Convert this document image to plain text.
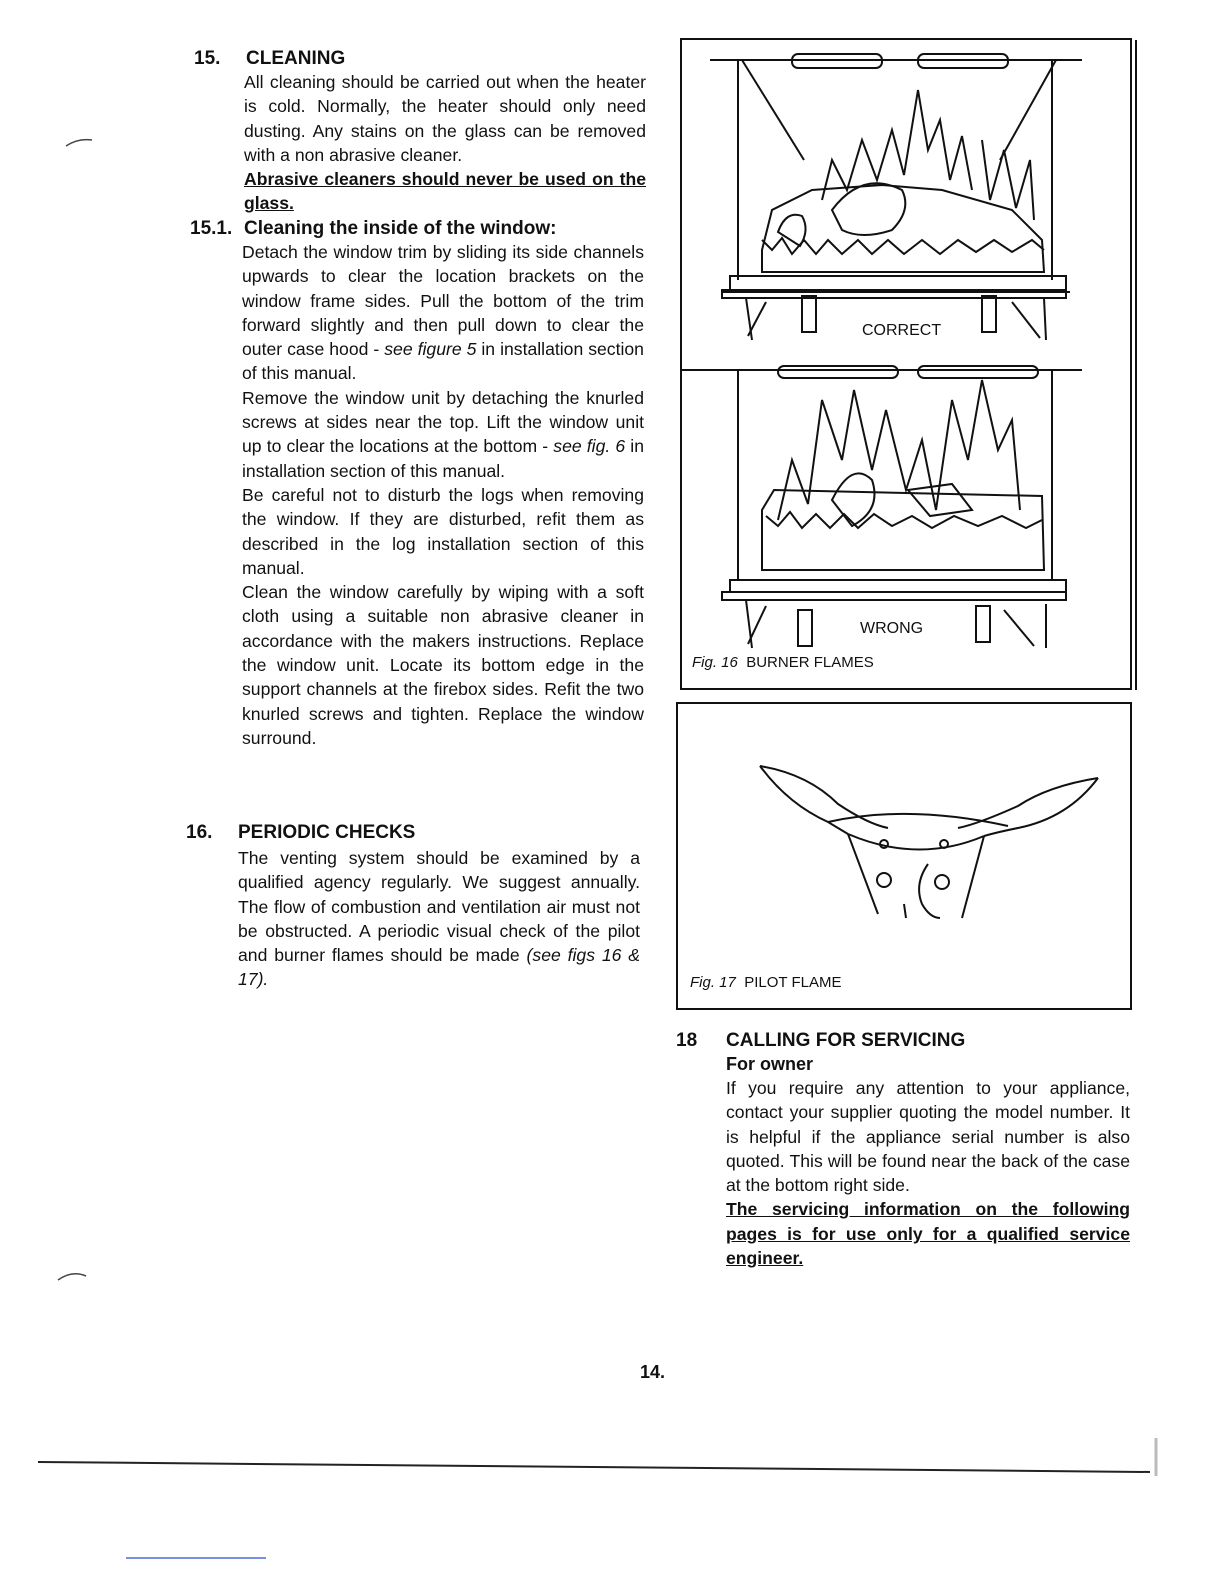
15. CLEANING

All cleaning should be carried out when the heater is cold. Normally, the heater should only need dusting. Any stains on the glass can be removed with a non abrasive cleaner.

Abrasive cleaners should never be used on the glass.

15.1. Cleaning the inside of the window:

Detach the window trim by sliding its side channels upwards to clear the location brackets on the window frame sides. Pull the bottom of the trim forward slightly and then pull down to clear the outer case hood - see figure 5 in installation section of this manual.

Remove the window unit by detaching the knurled screws at sides near the top. Lift the window unit up to clear the locations at the bottom - see fig. 6 in installation section of this manual.

Be careful not to disturb the logs when removing the window. If they are disturbed, refit them as described in the log installation section of this manual.

Clean the window carefully by wiping with a soft cloth using a suitable non abrasive cleaner in accordance with the makers instructions. Replace the window unit. Locate its bottom edge in the support channels at the firebox sides. Refit the two knurled screws and tighten. Replace the window surround.

16. PERIODIC CHECKS

The venting system should be examined by a qualified agency regularly. We suggest annually. The flow of combustion and ventilation air must not be obstructed. A periodic visual check of the pilot and burner flames should be made (see figs 16 & 17).

CORRECT
WRONG
Fig. 16 BURNER FLAMES
Fig. 17 PILOT FLAME
18 CALLING FOR SERVICING
For owner

If you require any attention to your appliance, contact your supplier quoting the model number. It is helpful if the appliance serial number is also quoted. This will be found near the back of the case at the bottom right side.

The servicing information on the following pages is for use only for a qualified service engineer.

14.
